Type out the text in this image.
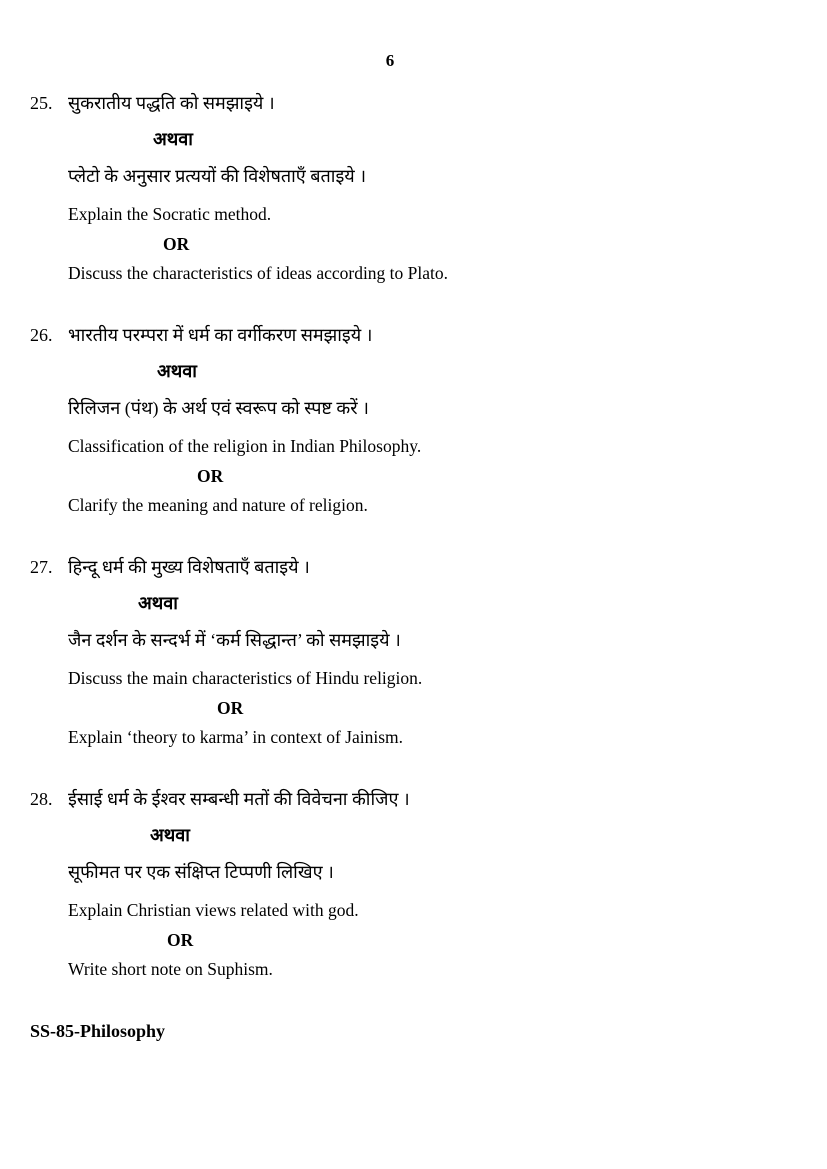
6
25. सुकरातीय पद्धति को समझाइये ।
अथवा
प्लेटो के अनुसार प्रत्ययों की विशेषताएँ बताइये ।
Explain the Socratic method.
OR
Discuss the characteristics of ideas according to Plato.
26. भारतीय परम्परा में धर्म का वर्गीकरण समझाइये ।
अथवा
रिलिजन (पंथ) के अर्थ एवं स्वरूप को स्पष्ट करें ।
Classification of the religion in Indian Philosophy.
OR
Clarify the meaning and nature of religion.
27. हिन्दू धर्म की मुख्य विशेषताएँ बताइये ।
अथवा
जैन दर्शन के सन्दर्भ में ‘कर्म सिद्धान्त’ को समझाइये ।
Discuss the main characteristics of Hindu religion.
OR
Explain ‘theory to karma’ in context of Jainism.
28. ईसाई धर्म के ईश्वर सम्बन्धी मतों की विवेचना कीजिए ।
अथवा
सूफीमत पर एक संक्षिप्त टिप्पणी लिखिए ।
Explain Christian views related with god.
OR
Write short note on Suphism.
SS-85-Philosophy
